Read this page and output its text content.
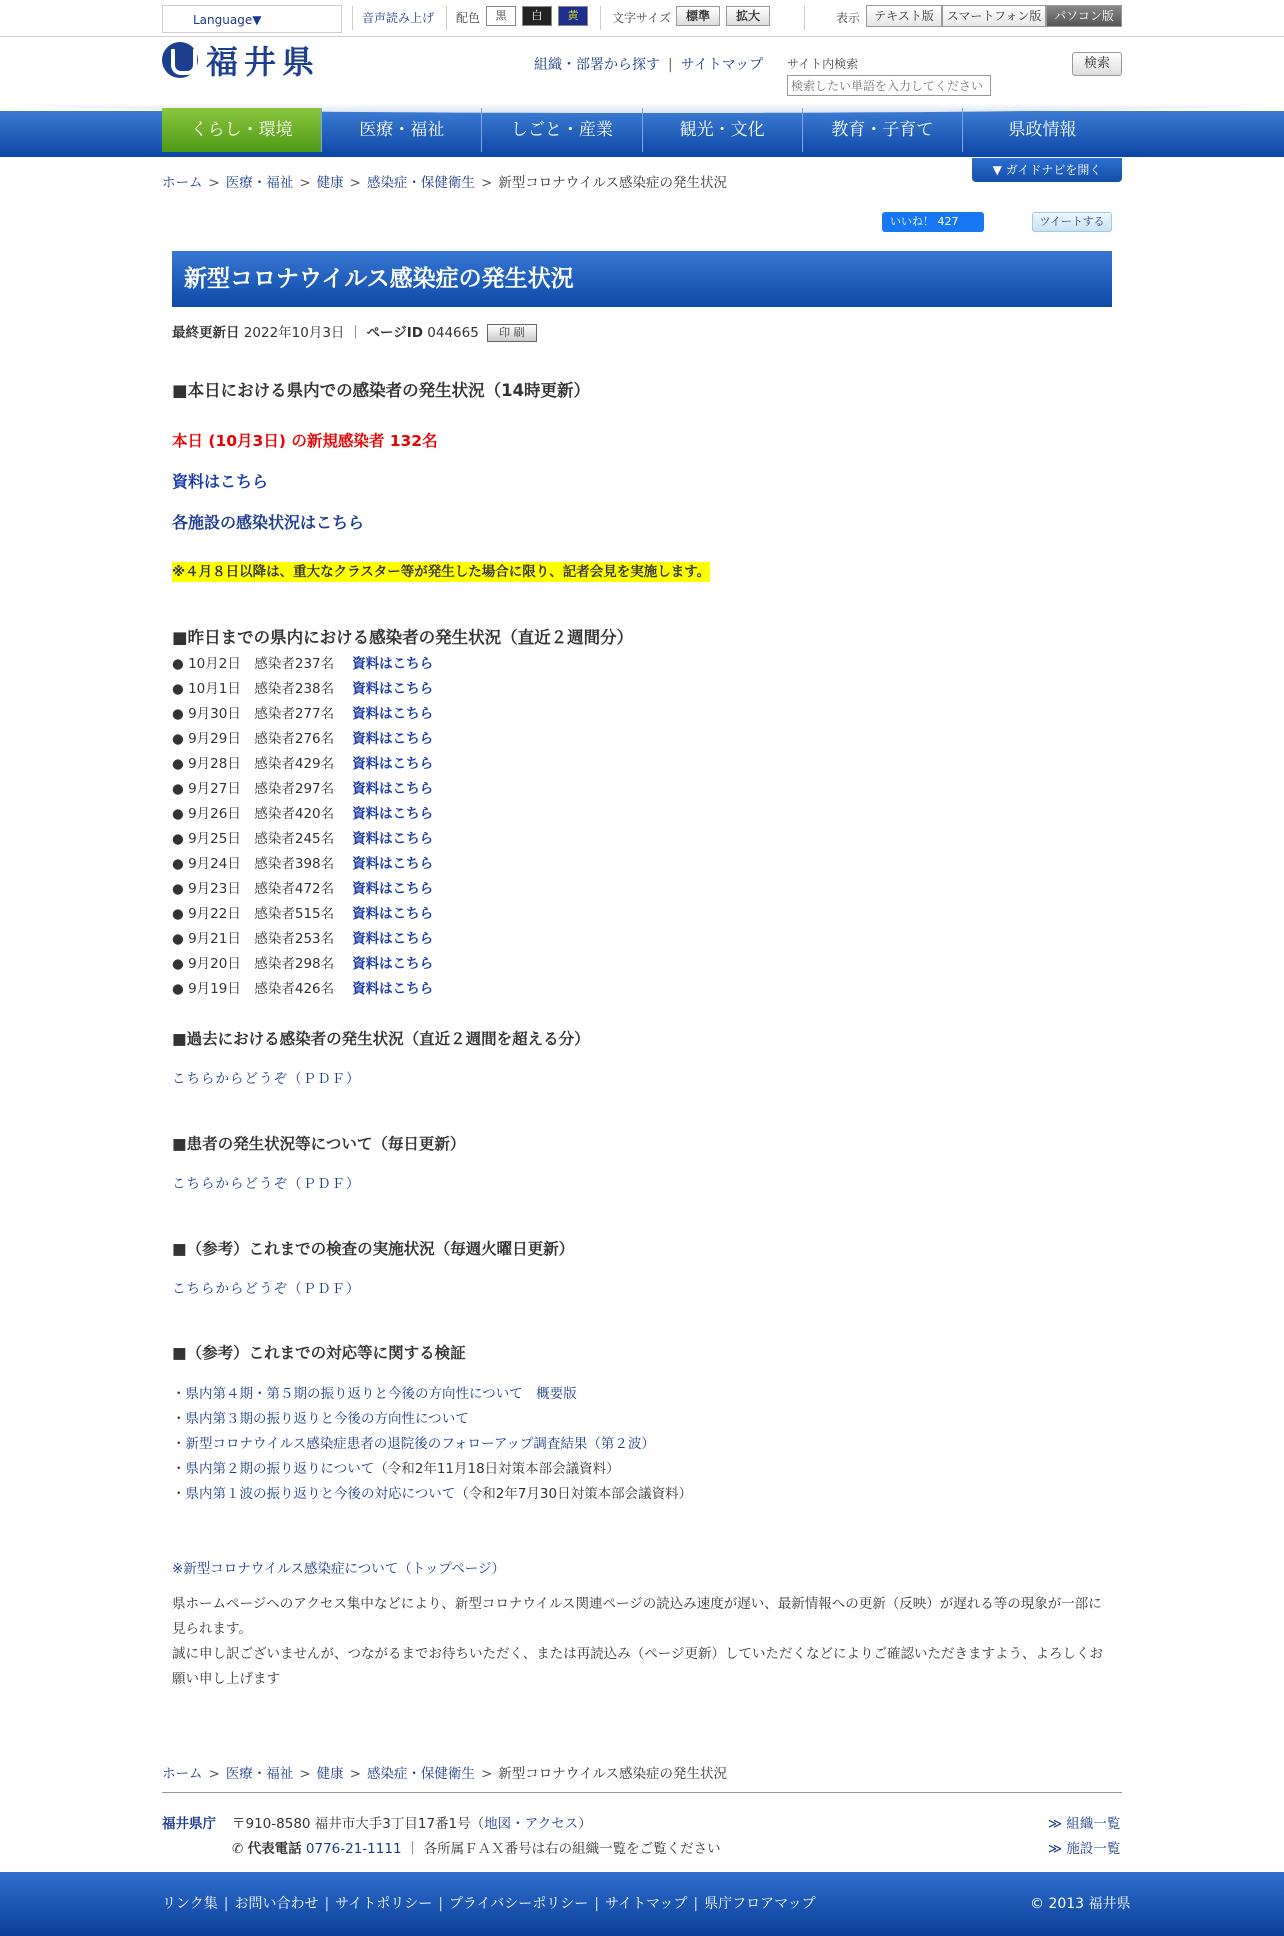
Language▼	音声読み上げ 配色	黒	白	黄	文字サイズ	標準	拡大	表示	テキスト版	スマートフォン版	パソコン版
福井県	組織・部署から探す | サイトマップ サイト内検索
検索したい単語を入力してください	検索
くらし・環境	医療・福祉	しごと・産業	観光・文化	教育・子育て	県政情報
▼ ガイドナビを開く
ホーム > 医療・福祉 > 健康 > 感染症・保健衛生 > 新型コロナウイルス感染症の発生状況
いいね！ 427	ツイートする
新型コロナウイルス感染症の発生状況
最終更新日 2022年10月3日 ｜ ページID 044665 印 刷
■本日における県内での感染者の発生状況（14時更新）
本日 (10月3日) の新規感染者 132名
資料はこちら
各施設の感染状況はこちら
※４月８日以降は、重大なクラスター等が発生した場合に限り、記者会見を実施します。
■昨日までの県内における感染者の発生状況（直近２週間分）
● 10月2日　 感染者237名 資料はこちら
● 10月1日　 感染者238名 資料はこちら
● 9月30日　 感染者277名 資料はこちら
● 9月29日　 感染者276名 資料はこちら
● 9月28日　 感染者429名 資料はこちら
● 9月27日　 感染者297名 資料はこちら
● 9月26日　 感染者420名 資料はこちら
● 9月25日　 感染者245名 資料はこちら
● 9月24日　 感染者398名 資料はこちら
● 9月23日　 感染者472名 資料はこちら
● 9月22日　 感染者515名 資料はこちら
● 9月21日　 感染者253名 資料はこちら
● 9月20日　 感染者298名 資料はこちら
● 9月19日　 感染者426名 資料はこちら
■過去における感染者の発生状況（直近２週間を超える分）
こちらからどうぞ（ＰＤＦ）
■患者の発生状況等について（毎日更新）
こちらからどうぞ（ＰＤＦ）
■（参考）これまでの検査の実施状況（毎週火曜日更新）
こちらからどうぞ（ＰＤＦ）
■（参考）これまでの対応等に関する検証
・県内第４期・第５期の振り返りと今後の方向性について　概要版
・県内第３期の振り返りと今後の方向性について
・新型コロナウイルス感染症患者の退院後のフォローアップ調査結果（第２波）
・県内第２期の振り返りについて（令和2年11月18日対策本部会議資料）
・県内第１波の振り返りと今後の対応について（令和2年7月30日対策本部会議資料）
※新型コロナウイルス感染症について（トップページ）
県ホームページへのアクセス集中などにより、新型コロナウイルス関連ページの読込み速度が遅い、最新情報への更新（反映）が遅れる等の現象が一部に見られます。
誠に申し訳ございませんが、つながるまでお待ちいただく、または再読込み（ページ更新）していただくなどによりご確認いただきますよう、よろしくお願い申し上げます
ホーム > 医療・福祉 > 健康 > 感染症・保健衛生 > 新型コロナウイルス感染症の発生状況
福井県庁 〒910-8580 福井市大手3丁目17番1号（地図・アクセス）
✆ 代表電話 0776-21-1111 ｜ 各所属ＦＡＸ番号は右の組織一覧をご覧ください
≫ 組織一覧
≫ 施設一覧
リンク集 | お問い合わせ | サイトポリシー | プライバシーポリシー | サイトマップ | 県庁フロアマップ	© 2013 福井県
